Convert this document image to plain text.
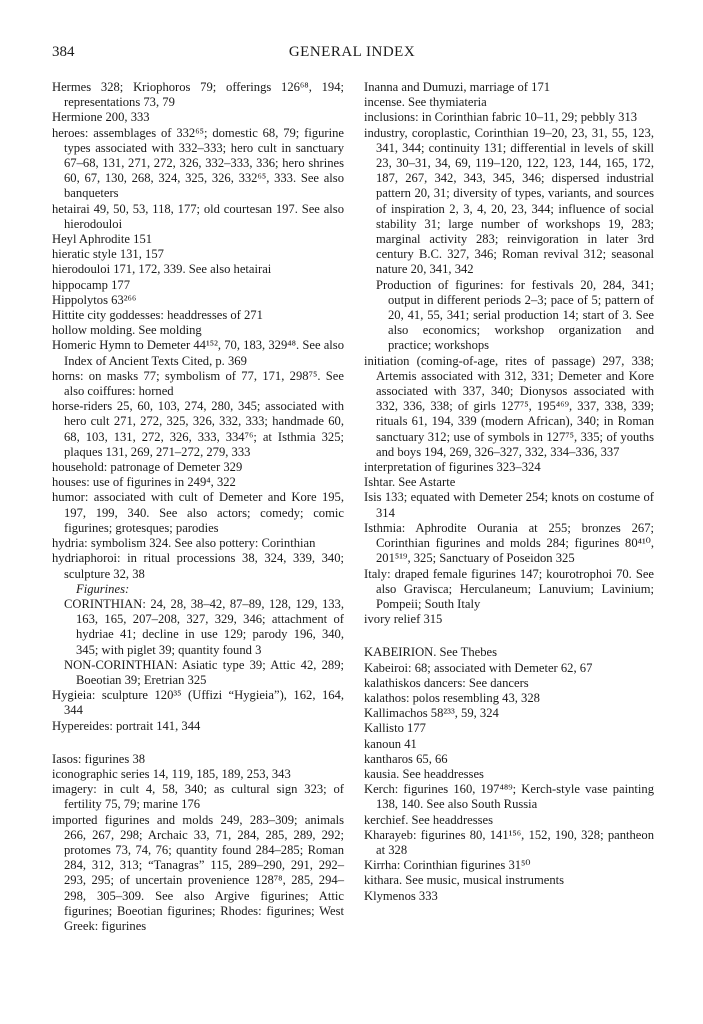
384	GENERAL INDEX

Hermes 328; Kriophoros 79; offerings 126⁶⁸, 194; representations 73, 79

Hermione 200, 333

heroes: assemblages of 332⁶⁵; domestic 68, 79; figurine types associated with 332–333; hero cult in sanctuary 67–68, 131, 271, 272, 326, 332–333, 336; hero shrines 60, 67, 130, 268, 324, 325, 326, 332⁶⁵, 333. See also banqueters

hetairai 49, 50, 53, 118, 177; old courtesan 197. See also hierodouloi

Heyl Aphrodite 151

hieratic style 131, 157

hierodouloi 171, 172, 339. See also hetairai

hippocamp 177

Hippolytos 63²⁶⁶

Hittite city goddesses: headdresses of 271

hollow molding. See molding

Homeric Hymn to Demeter 44¹⁵², 70, 183, 329⁴⁸. See also Index of Ancient Texts Cited, p. 369

horns: on masks 77; symbolism of 77, 171, 298⁷⁵. See also coiffures: horned

horse-riders 25, 60, 103, 274, 280, 345; associated with hero cult 271, 272, 325, 326, 332, 333; handmade 60, 68, 103, 131, 272, 326, 333, 334⁷⁶; at Isthmia 325; plaques 131, 269, 271–272, 279, 333

household: patronage of Demeter 329

houses: use of figurines in 249⁴, 322

humor: associated with cult of Demeter and Kore 195, 197, 199, 340. See also actors; comedy; comic figurines; grotesques; parodies

hydria: symbolism 324. See also pottery: Corinthian

hydriaphoroi: in ritual processions 38, 324, 339, 340; sculpture 32, 38

Figurines:

CORINTHIAN: 24, 28, 38–42, 87–89, 128, 129, 133, 163, 165, 207–208, 327, 329, 346; attachment of hydriae 41; decline in use 129; parody 196, 340, 345; with piglet 39; quantity found 3

NON-CORINTHIAN: Asiatic type 39; Attic 42, 289; Boeotian 39; Eretrian 325

Hygieia: sculpture 120³⁵ (Uffizi “Hygieia”), 162, 164, 344

Hypereides: portrait 141, 344

Iasos: figurines 38

iconographic series 14, 119, 185, 189, 253, 343

imagery: in cult 4, 58, 340; as cultural sign 323; of fertility 75, 79; marine 176

imported figurines and molds 249, 283–309; animals 266, 267, 298; Archaic 33, 71, 284, 285, 289, 292; protomes 73, 74, 76; quantity found 284–285; Roman 284, 312, 313; “Tanagras” 115, 289–290, 291, 292–293, 295; of uncertain provenience 128⁷⁸, 285, 294–298, 305–309. See also Argive figurines; Attic figurines; Boeotian figurines; Rhodes: figurines; West Greek: figurines

Inanna and Dumuzi, marriage of 171

incense. See thymiateria

inclusions: in Corinthian fabric 10–11, 29; pebbly 313

industry, coroplastic, Corinthian 19–20, 23, 31, 55, 123, 341, 344; continuity 131; differential in levels of skill 23, 30–31, 34, 69, 119–120, 122, 123, 144, 165, 172, 187, 267, 342, 343, 345, 346; dispersed industrial pattern 20, 31; diversity of types, variants, and sources of inspiration 2, 3, 4, 20, 23, 344; influence of social stability 31; large number of workshops 19, 283; marginal activity 283; reinvigoration in later 3rd century B.C. 327, 346; Roman revival 312; seasonal nature 20, 341, 342

Production of figurines: for festivals 20, 284, 341; output in different periods 2–3; pace of 5; pattern of 20, 41, 55, 341; serial production 14; start of 3. See also economics; workshop organization and practice; workshops

initiation (coming-of-age, rites of passage) 297, 338; Artemis associated with 312, 331; Demeter and Kore associated with 337, 340; Dionysos associated with 332, 336, 338; of girls 127⁷⁵, 195⁴⁶⁹, 337, 338, 339; rituals 61, 194, 339 (modern African), 340; in Roman sanctuary 312; use of symbols in 127⁷⁵, 335; of youths and boys 194, 269, 326–327, 332, 334–336, 337

interpretation of figurines 323–324

Ishtar. See Astarte

Isis 133; equated with Demeter 254; knots on costume of 314

Isthmia: Aphrodite Ourania at 255; bronzes 267; Corinthian figurines and molds 284; figurines 80⁴¹⁰, 201⁵¹⁹, 325; Sanctuary of Poseidon 325

Italy: draped female figurines 147; kourotrophoi 70. See also Gravisca; Herculaneum; Lanuvium; Lavinium; Pompeii; South Italy

ivory relief 315

KABEIRION. See Thebes

Kabeiroi: 68; associated with Demeter 62, 67

kalathiskos dancers: See dancers

kalathos: polos resembling 43, 328

Kallimachos 58²³³, 59, 324

Kallisto 177

kanoun 41

kantharos 65, 66

kausia. See headdresses

Kerch: figurines 160, 197⁴⁸⁹; Kerch-style vase painting 138, 140. See also South Russia

kerchief. See headdresses

Kharayeb: figurines 80, 141¹⁵⁶, 152, 190, 328; pantheon at 328

Kirrha: Corinthian figurines 31⁵⁰

kithara. See music, musical instruments

Klymenos 333
